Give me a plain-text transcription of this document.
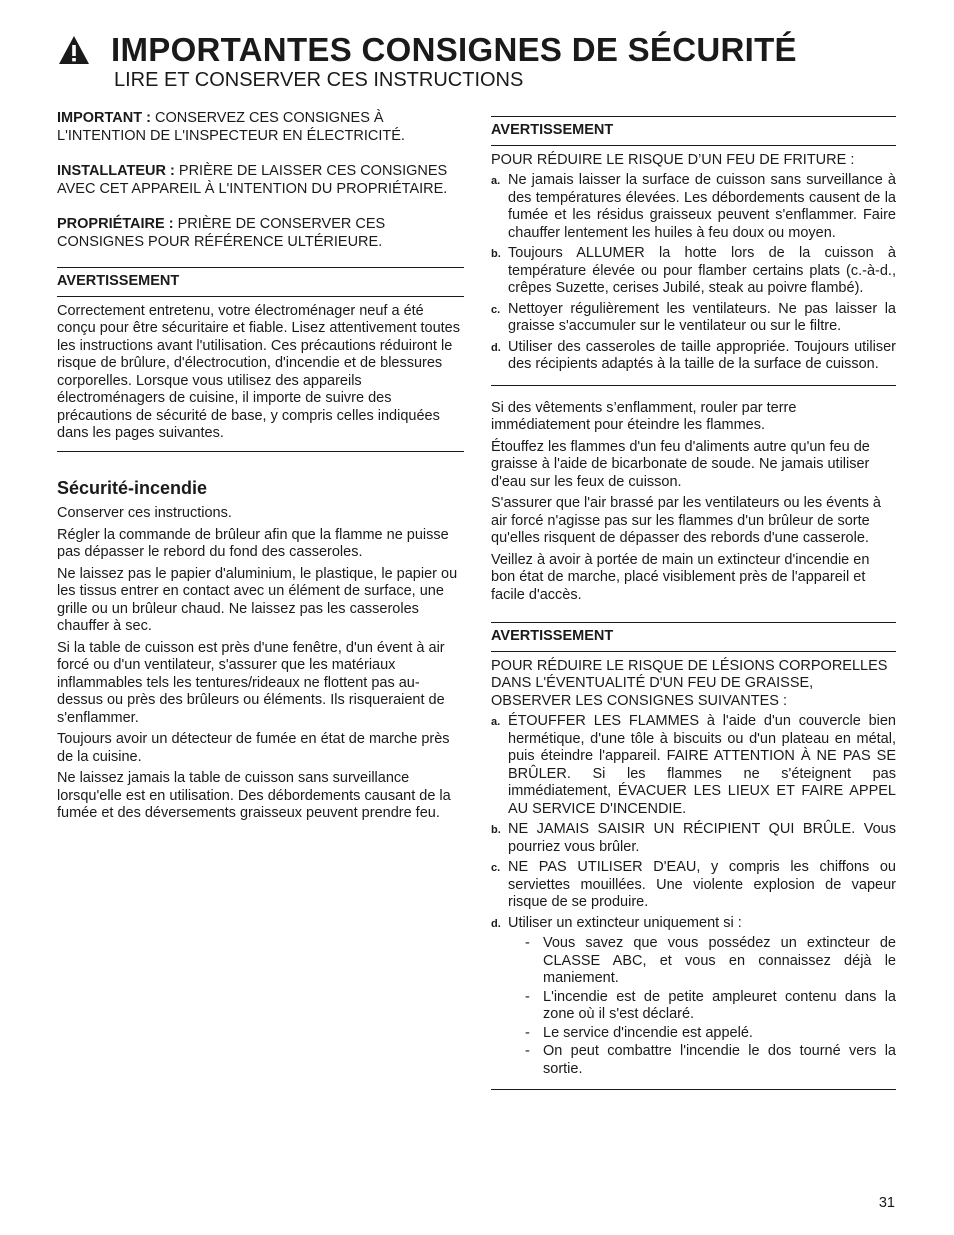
IMPORTANTES CONSIGNES DE SÉCURITÉ
LIRE ET CONSERVER CES INSTRUCTIONS

IMPORTANT : CONSERVEZ CES CONSIGNES À L'INTENTION DE L'INSPECTEUR EN ÉLECTRICITÉ.

INSTALLATEUR : PRIÈRE DE LAISSER CES CONSIGNES AVEC CET APPAREIL À L'INTENTION DU PROPRIÉTAIRE.

PROPRIÉTAIRE : PRIÈRE DE CONSERVER CES CONSIGNES POUR RÉFÉRENCE ULTÉRIEURE.

AVERTISSEMENT
Correctement entretenu, votre électroménager neuf a été conçu pour être sécuritaire et fiable. Lisez attentivement toutes les instructions avant l'utilisation. Ces précautions réduiront le risque de brûlure, d'électrocution, d'incendie et de blessures corporelles. Lorsque vous utilisez des appareils électroménagers de cuisine, il importe de suivre des précautions de sécurité de base, y compris celles indiquées dans les pages suivantes.
Sécurité-incendie

Conserver ces instructions.

Régler la commande de brûleur afin que la flamme ne puisse pas dépasser le rebord du fond des casseroles.

Ne laissez pas le papier d'aluminium, le plastique, le papier ou les tissus entrer en contact avec un élément de surface, une grille ou un brûleur chaud. Ne laissez pas les casseroles chauffer à sec.

Si la table de cuisson est près d'une fenêtre, d'un évent à air forcé ou d'un ventilateur, s'assurer que les matériaux inflammables tels les tentures/rideaux ne flottent pas au-dessus ou près des brûleurs ou éléments. Ils risqueraient de s'enflammer.

Toujours avoir un détecteur de fumée en état de marche près de la cuisine.

Ne laissez jamais la table de cuisson sans surveillance lorsqu'elle est en utilisation. Des débordements causant de la fumée et des déversements graisseux peuvent prendre feu.

AVERTISSEMENT

POUR RÉDUIRE LE RISQUE D’UN FEU DE FRITURE :

a. Ne jamais laisser la surface de cuisson sans surveillance à des températures élevées. Les débordements causent de la fumée et les résidus graisseux peuvent s'enflammer. Faire chauffer lentement les huiles à feu doux ou moyen.
b. Toujours ALLUMER la hotte lors de la cuisson à température élevée ou pour flamber certains plats (c.-à-d., crêpes Suzette, cerises Jubilé, steak au poivre flambé).
c. Nettoyer régulièrement les ventilateurs. Ne pas laisser la graisse s'accumuler sur le ventilateur ou sur le filtre.
d. Utiliser des casseroles de taille appropriée. Toujours utiliser des récipients adaptés à la taille de la surface de cuisson.

Si des vêtements s’enflamment, rouler par terre immédiatement pour éteindre les flammes.

Étouffez les flammes d'un feu d'aliments autre qu'un feu de graisse à l'aide de bicarbonate de soude. Ne jamais utiliser d'eau sur les feux de cuisson.

S'assurer que l'air brassé par les ventilateurs ou les évents à air forcé n'agisse pas sur les flammes d'un brûleur de sorte qu'elles risquent de dépasser des rebords d'une casserole.

Veillez à avoir à portée de main un extincteur d'incendie en bon état de marche, placé visiblement près de l'appareil et facile d'accès.

AVERTISSEMENT

POUR RÉDUIRE LE RISQUE DE LÉSIONS CORPORELLES DANS L'ÉVENTUALITÉ D'UN FEU DE GRAISSE, OBSERVER LES CONSIGNES SUIVANTES :

a. ÉTOUFFER LES FLAMMES à l'aide d'un couvercle bien hermétique, d'une tôle à biscuits ou d'un plateau en métal, puis éteindre l'appareil. FAIRE ATTENTION À NE PAS SE BRÛLER. Si les flammes ne s'éteignent pas immédiatement, ÉVACUER LES LIEUX ET FAIRE APPEL AU SERVICE D'INCENDIE.
b. NE JAMAIS SAISIR UN RÉCIPIENT QUI BRÛLE. Vous pourriez vous brûler.
c. NE PAS UTILISER D'EAU, y compris les chiffons ou serviettes mouillées. Une violente explosion de vapeur risque de se produire.
d. Utiliser un extincteur uniquement si :
- Vous savez que vous possédez un extincteur de CLASSE ABC, et vous en connaissez déjà le maniement.
- L'incendie est de petite ampleuret contenu dans la zone où il s'est déclaré.
- Le service d'incendie est appelé.
- On peut combattre l'incendie le dos tourné vers la sortie.
31
